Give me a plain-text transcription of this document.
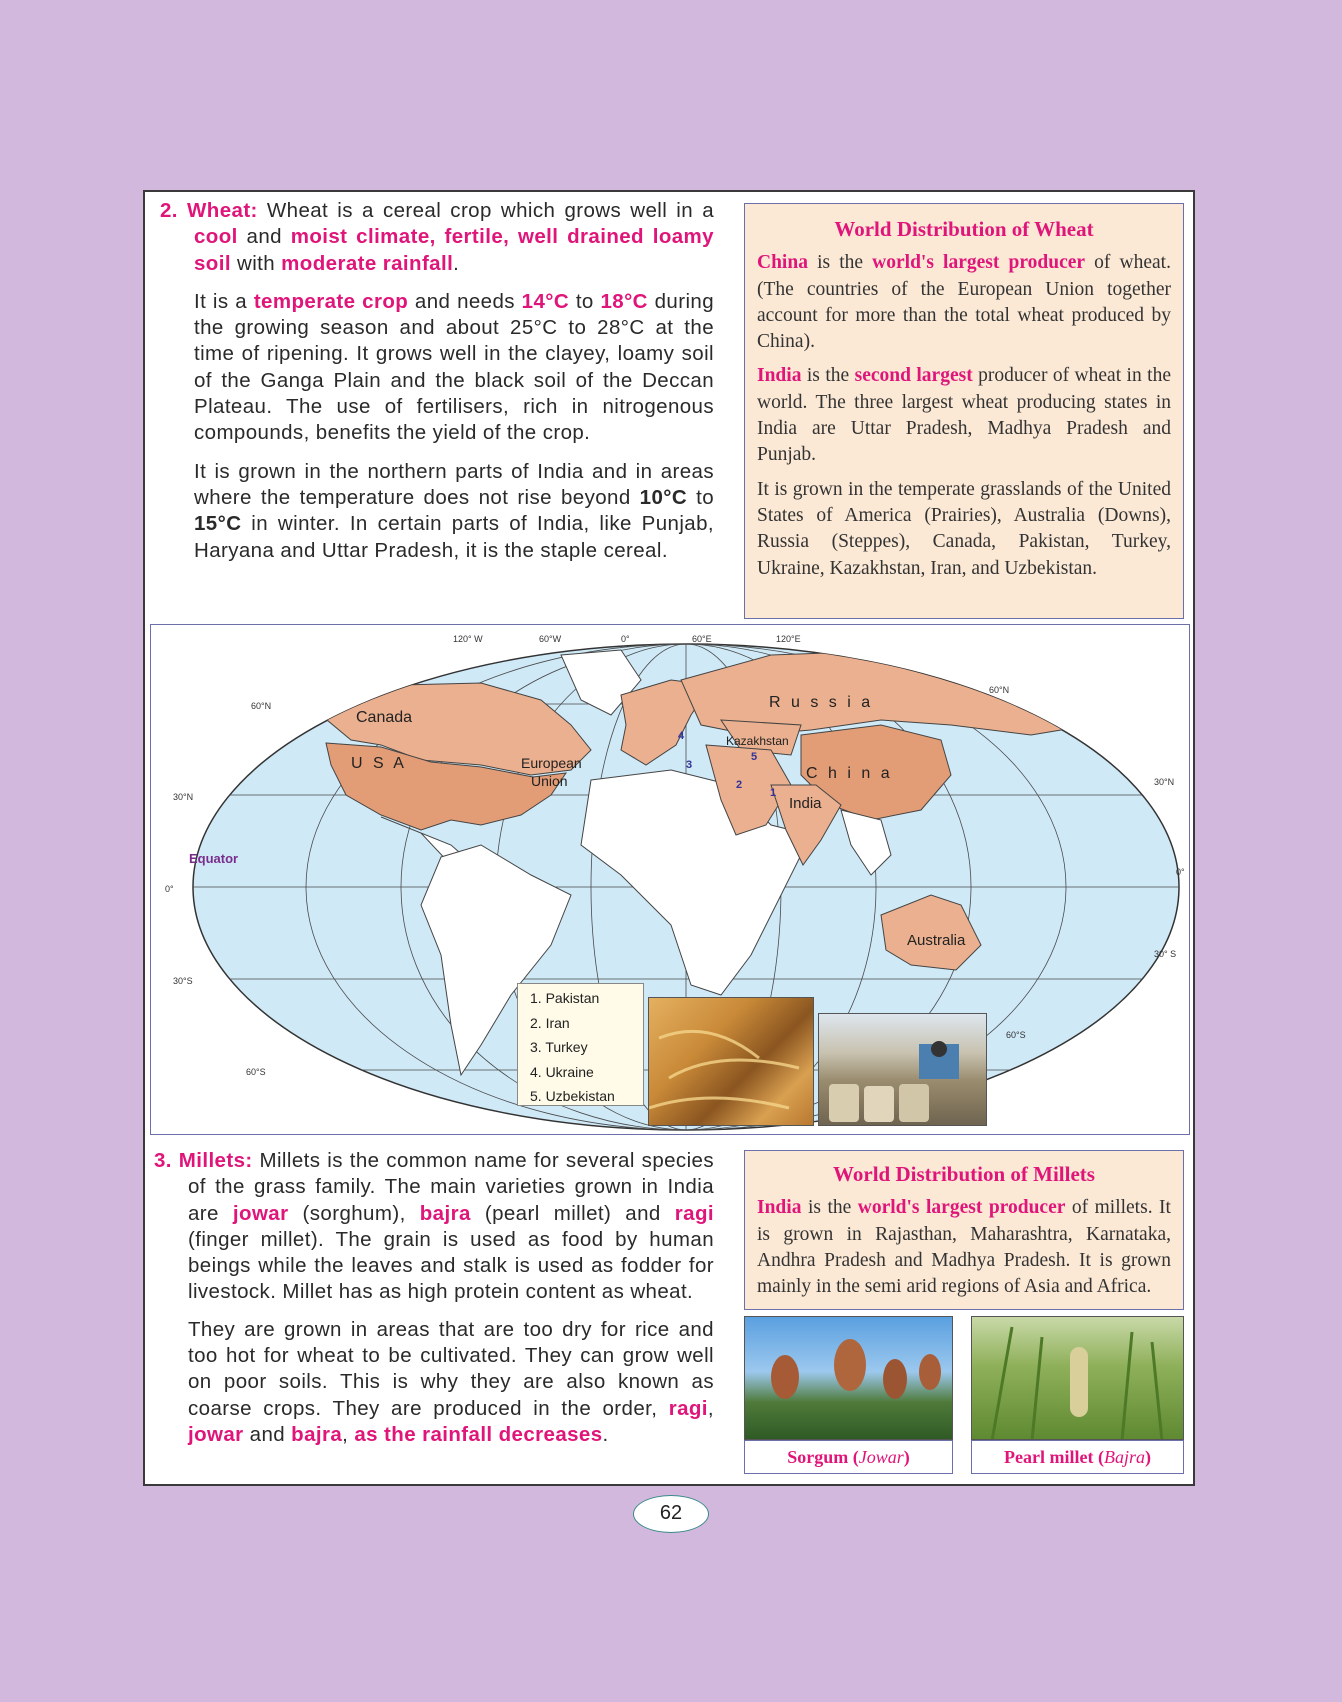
2. Wheat: Wheat is a cereal crop which grows well in a cool and moist climate, fertile, well drained loamy soil with moderate rainfall.

It is a temperate crop and needs 14°C to 18°C during the growing season and about 25°C to 28°C at the time of ripening. It grows well in the clayey, loamy soil of the Ganga Plain and the black soil of the Deccan Plateau. The use of fertilisers, rich in nitrogenous compounds, benefits the yield of the crop.

It is grown in the northern parts of India and in areas where the temperature does not rise beyond 10°C to 15°C in winter. In certain parts of India, like Punjab, Haryana and Uttar Pradesh, it is the staple cereal.

World Distribution of Wheat

China is the world's largest producer of wheat. (The countries of the European Union together account for more than the total wheat produced by China).

India is the second largest producer of wheat in the world. The three largest wheat producing states in India are Uttar Pradesh, Madhya Pradesh and Punjab.

It is grown in the temperate grasslands of the United States of America (Prairies), Australia (Downs), Russia (Steppes), Canada, Pakistan, Turkey, Ukraine, Kazakhstan, Iran, and Uzbekistan.

120° W	60°W	0°	60°E	120°E
60°N
30°N
0°
30°S
60°S
60°N
30°N
0°
30° S
60°S
Equator
Canada
U S A	European
Union
R u s s i a
Kazakhstan
C h i n a
India
Australia
1
2
3
4
5
1. Pakistan
2. Iran
3. Turkey
4. Ukraine
5. Uzbekistan

3. Millets: Millets is the common name for several species of the grass family. The main varieties grown in India are jowar (sorghum), bajra (pearl millet) and ragi (finger millet). The grain is used as food by human beings while the leaves and stalk is used as fodder for livestock. Millet has as high protein content as wheat.

They are grown in areas that are too dry for rice and too hot for wheat to be cultivated. They can grow well on poor soils. This is why they are also known as coarse crops. They are produced in the order, ragi, jowar and bajra, as the rainfall decreases.

World Distribution of Millets

India is the world's largest producer of millets. It is grown in Rajasthan, Maharashtra, Karnataka, Andhra Pradesh and Madhya Pradesh. It is grown mainly in the semi arid regions of Asia and Africa.

Sorgum (Jowar)	Pearl millet (Bajra)
62
